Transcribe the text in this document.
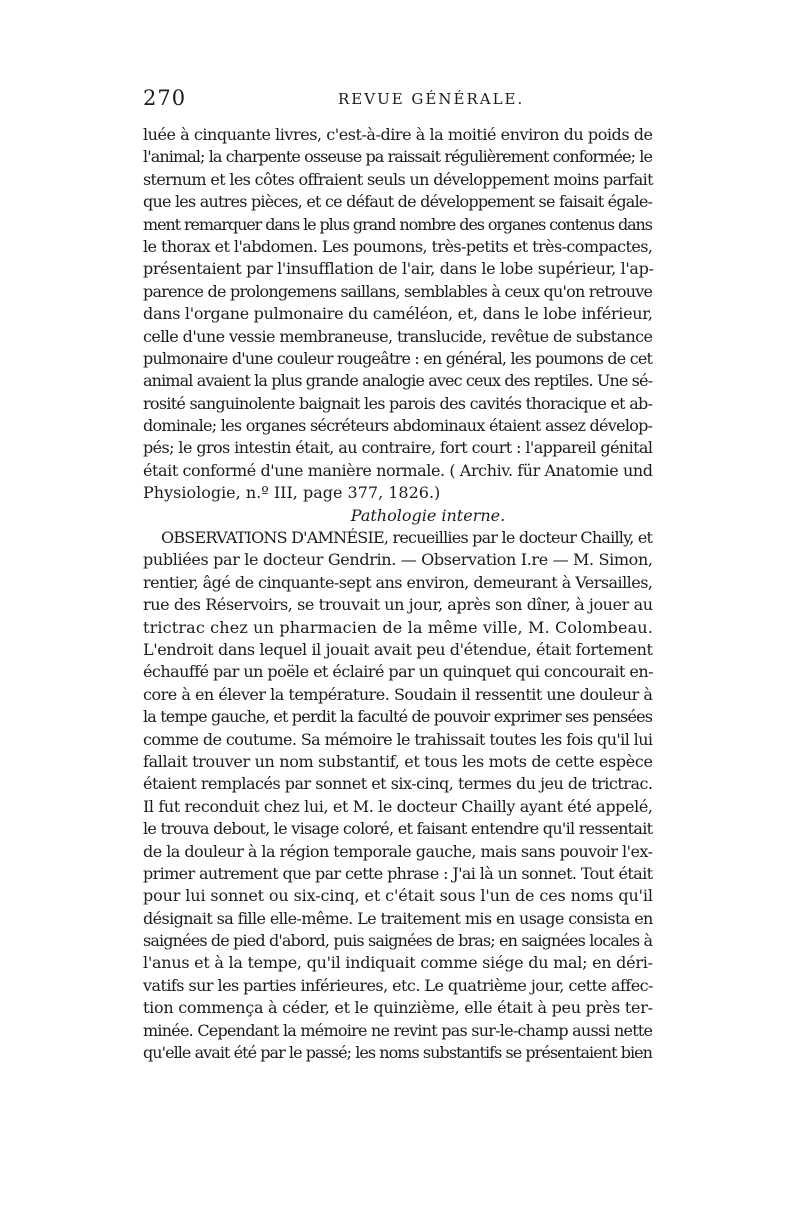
270	REVUE GÉNÉRALE.
luée à cinquante livres, c'est-à-dire à la moitié environ du poids de
l'animal; la charpente osseuse pa raissait régulièrement conformée; le
sternum et les côtes offraient seuls un développement moins parfait
que les autres pièces, et ce défaut de développement se faisait égale-
ment remarquer dans le plus grand nombre des organes contenus dans
le thorax et l'abdomen. Les poumons, très-petits et très-compactes,
présentaient par l'insufflation de l'air, dans le lobe supérieur, l'ap-
parence de prolongemens saillans, semblables à ceux qu'on retrouve
dans l'organe pulmonaire du caméléon, et, dans le lobe inférieur,
celle d'une vessie membraneuse, translucide, revêtue de substance
pulmonaire d'une couleur rougeâtre : en général, les poumons de cet
animal avaient la plus grande analogie avec ceux des reptiles. Une sé-
rosité sanguinolente baignait les parois des cavités thoracique et ab-
dominale; les organes sécréteurs abdominaux étaient assez dévelop-
pés; le gros intestin était, au contraire, fort court : l'appareil génital
était conformé d'une manière normale. ( Archiv. für Anatomie und
Physiologie, n.º III, page 377, 1826.)
Pathologie interne.
OBSERVATIONS D'AMNÉSIE, recueillies par le docteur Chailly, et
publiées par le docteur Gendrin. — Observation I.re — M. Simon,
rentier, âgé de cinquante-sept ans environ, demeurant à Versailles,
rue des Réservoirs, se trouvait un jour, après son dîner, à jouer au
trictrac chez un pharmacien de la même ville, M. Colombeau.
L'endroit dans lequel il jouait avait peu d'étendue, était fortement
échauffé par un poële et éclairé par un quinquet qui concourait en-
core à en élever la température. Soudain il ressentit une douleur à
la tempe gauche, et perdit la faculté de pouvoir exprimer ses pensées
comme de coutume. Sa mémoire le trahissait toutes les fois qu'il lui
fallait trouver un nom substantif, et tous les mots de cette espèce
étaient remplacés par sonnet et six-cinq, termes du jeu de trictrac.
Il fut reconduit chez lui, et M. le docteur Chailly ayant été appelé,
le trouva debout, le visage coloré, et faisant entendre qu'il ressentait
de la douleur à la région temporale gauche, mais sans pouvoir l'ex-
primer autrement que par cette phrase : J'ai là un sonnet. Tout était
pour lui sonnet ou six-cinq, et c'était sous l'un de ces noms qu'il
désignait sa fille elle-même. Le traitement mis en usage consista en
saignées de pied d'abord, puis saignées de bras; en saignées locales à
l'anus et à la tempe, qu'il indiquait comme siége du mal; en déri-
vatifs sur les parties inférieures, etc. Le quatrième jour, cette affec-
tion commença à céder, et le quinzième, elle était à peu près ter-
minée. Cependant la mémoire ne revint pas sur-le-champ aussi nette
qu'elle avait été par le passé; les noms substantifs se présentaient bien
